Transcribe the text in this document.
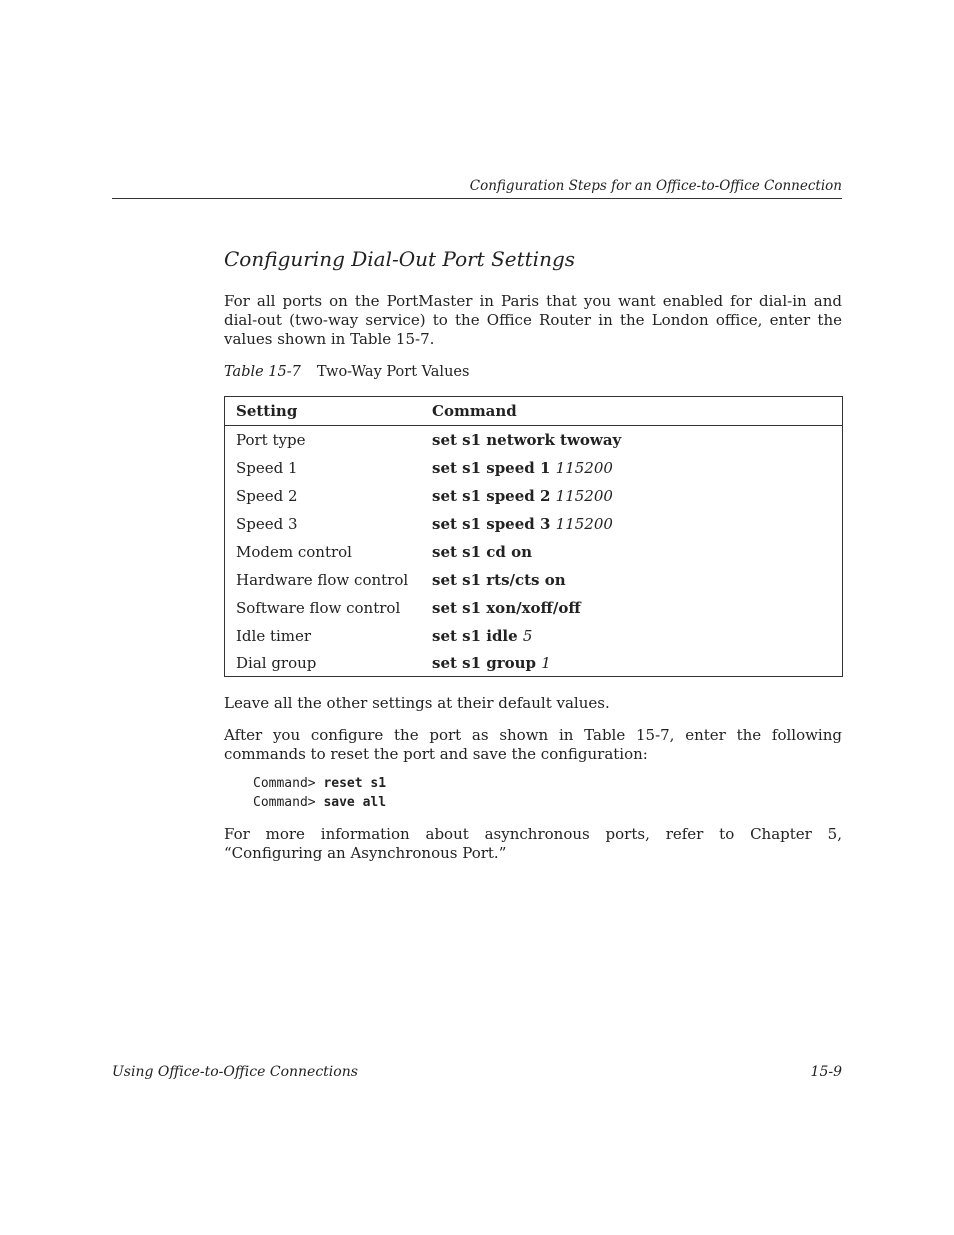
Configuration Steps for an Office-to-Office Connection
Configuring Dial-Out Port Settings

For all ports on the PortMaster in Paris that you want enabled for dial-in and dial-out (two-way service) to the Office Router in the London office, enter the values shown in Table 15-7.

Table 15-7 Two-Way Port Values
Setting	Command
Port type	set s1 network twoway
Speed 1	set s1 speed 1 115200
Speed 2	set s1 speed 2 115200
Speed 3	set s1 speed 3 115200
Modem control	set s1 cd on
Hardware flow control	set s1 rts/cts on
Software flow control	set s1 xon/xoff/off
Idle timer	set s1 idle 5
Dial group	set s1 group 1

Leave all the other settings at their default values.

After you configure the port as shown in Table 15-7, enter the following commands to reset the port and save the configuration:

Command> reset s1
Command> save all

For more information about asynchronous ports, refer to Chapter 5, “Configuring an Asynchronous Port.”

Using Office-to-Office Connections	15-9
